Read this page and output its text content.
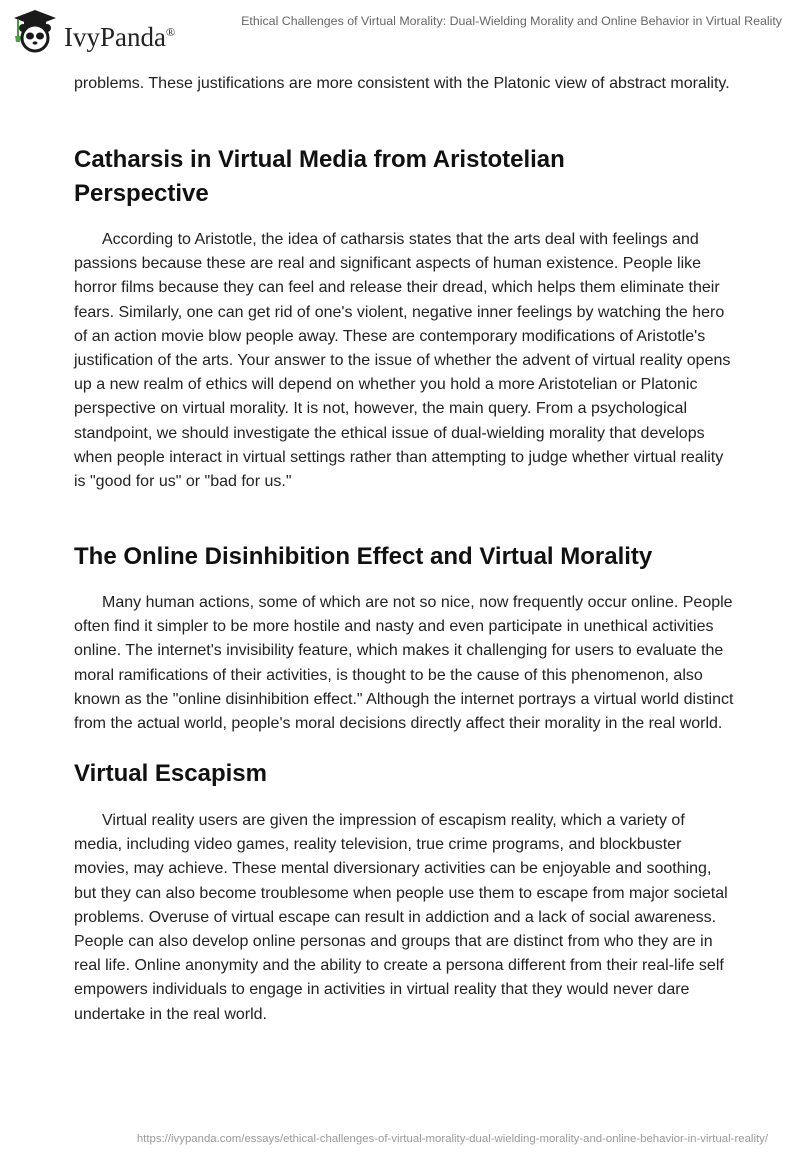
IvyPanda®
Ethical Challenges of Virtual Morality: Dual-Wielding Morality and Online Behavior in Virtual Reality

problems. These justifications are more consistent with the Platonic view of abstract morality.

Catharsis in Virtual Media from Aristotelian Perspective

According to Aristotle, the idea of catharsis states that the arts deal with feelings and passions because these are real and significant aspects of human existence. People like horror films because they can feel and release their dread, which helps them eliminate their fears. Similarly, one can get rid of one's violent, negative inner feelings by watching the hero of an action movie blow people away. These are contemporary modifications of Aristotle's justification of the arts. Your answer to the issue of whether the advent of virtual reality opens up a new realm of ethics will depend on whether you hold a more Aristotelian or Platonic perspective on virtual morality. It is not, however, the main query. From a psychological standpoint, we should investigate the ethical issue of dual-wielding morality that develops when people interact in virtual settings rather than attempting to judge whether virtual reality is "good for us" or "bad for us."

The Online Disinhibition Effect and Virtual Morality

Many human actions, some of which are not so nice, now frequently occur online. People often find it simpler to be more hostile and nasty and even participate in unethical activities online. The internet's invisibility feature, which makes it challenging for users to evaluate the moral ramifications of their activities, is thought to be the cause of this phenomenon, also known as the "online disinhibition effect." Although the internet portrays a virtual world distinct from the actual world, people's moral decisions directly affect their morality in the real world.

Virtual Escapism

Virtual reality users are given the impression of escapism reality, which a variety of media, including video games, reality television, true crime programs, and blockbuster movies, may achieve. These mental diversionary activities can be enjoyable and soothing, but they can also become troublesome when people use them to escape from major societal problems. Overuse of virtual escape can result in addiction and a lack of social awareness. People can also develop online personas and groups that are distinct from who they are in real life. Online anonymity and the ability to create a persona different from their real-life self empowers individuals to engage in activities in virtual reality that they would never dare undertake in the real world.

https://ivypanda.com/essays/ethical-challenges-of-virtual-morality-dual-wielding-morality-and-online-behavior-in-virtual-reality/
